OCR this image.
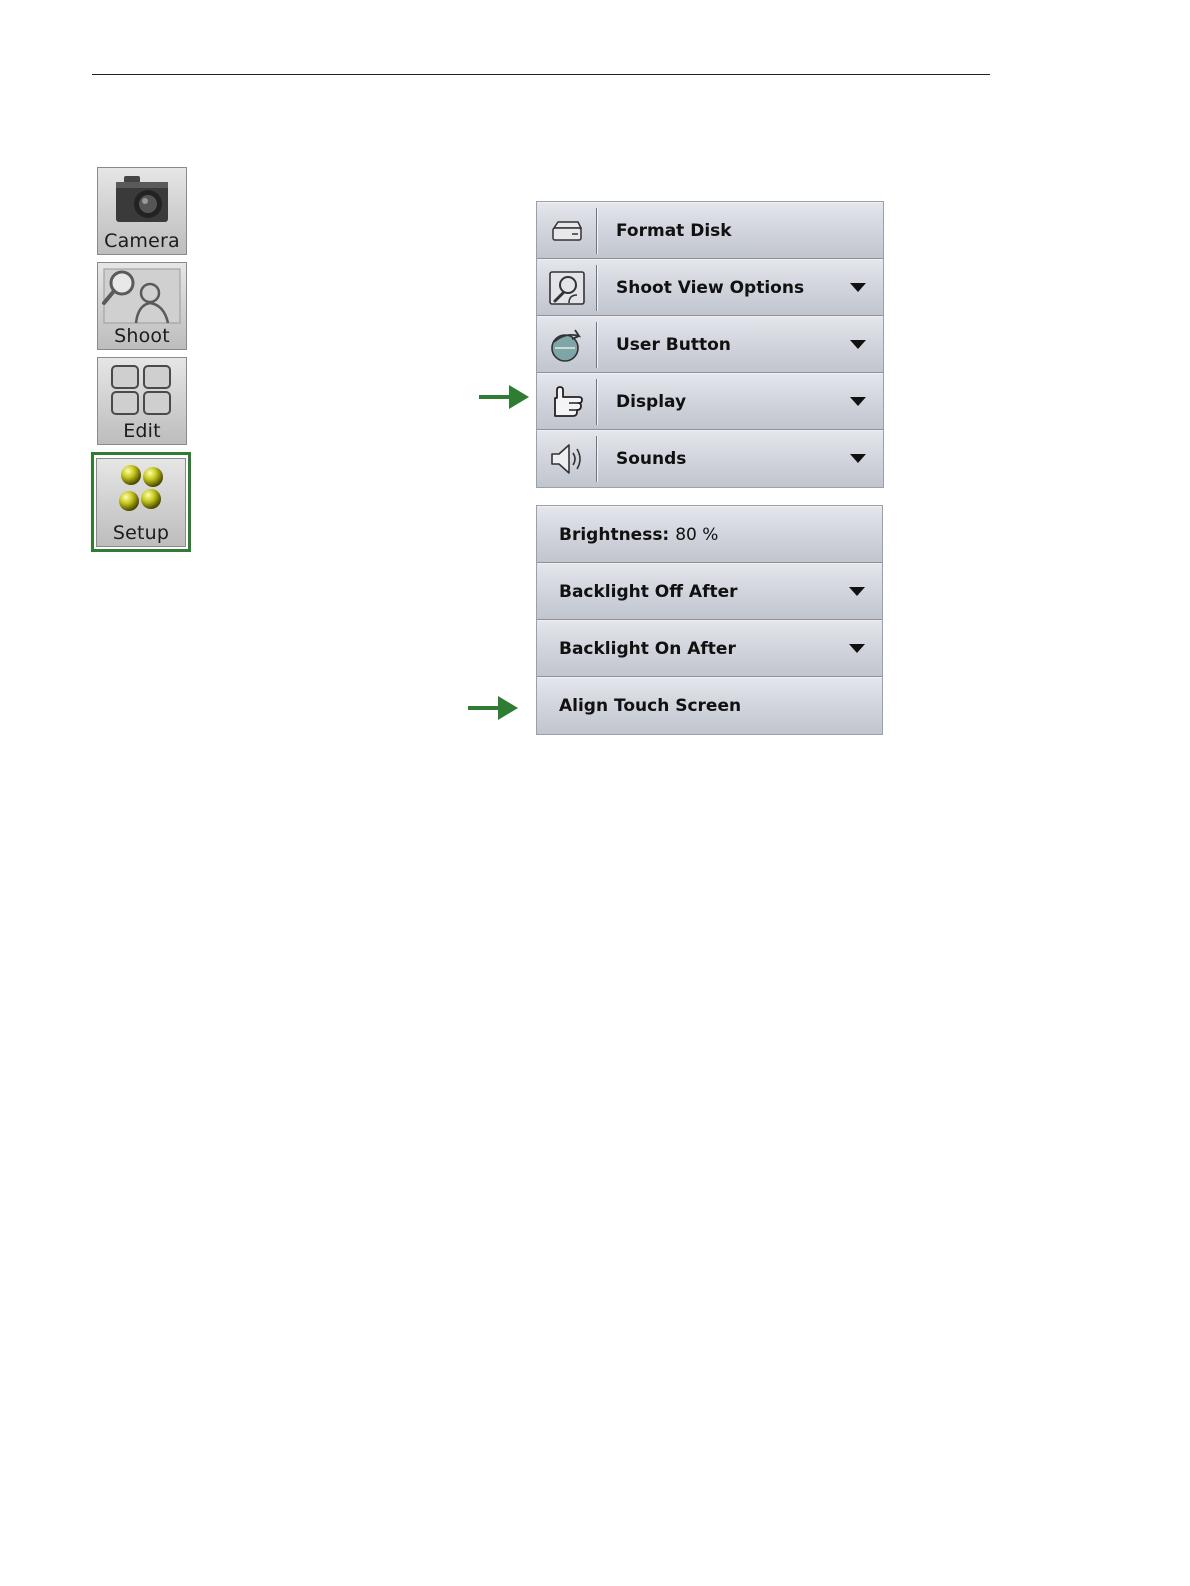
Camera
Shoot
Edit
Setup
Format Disk
Shoot View Options
User Button
Display
Sounds
Brightness: 80 %
Backlight Off After
Backlight On After
Align Touch Screen
